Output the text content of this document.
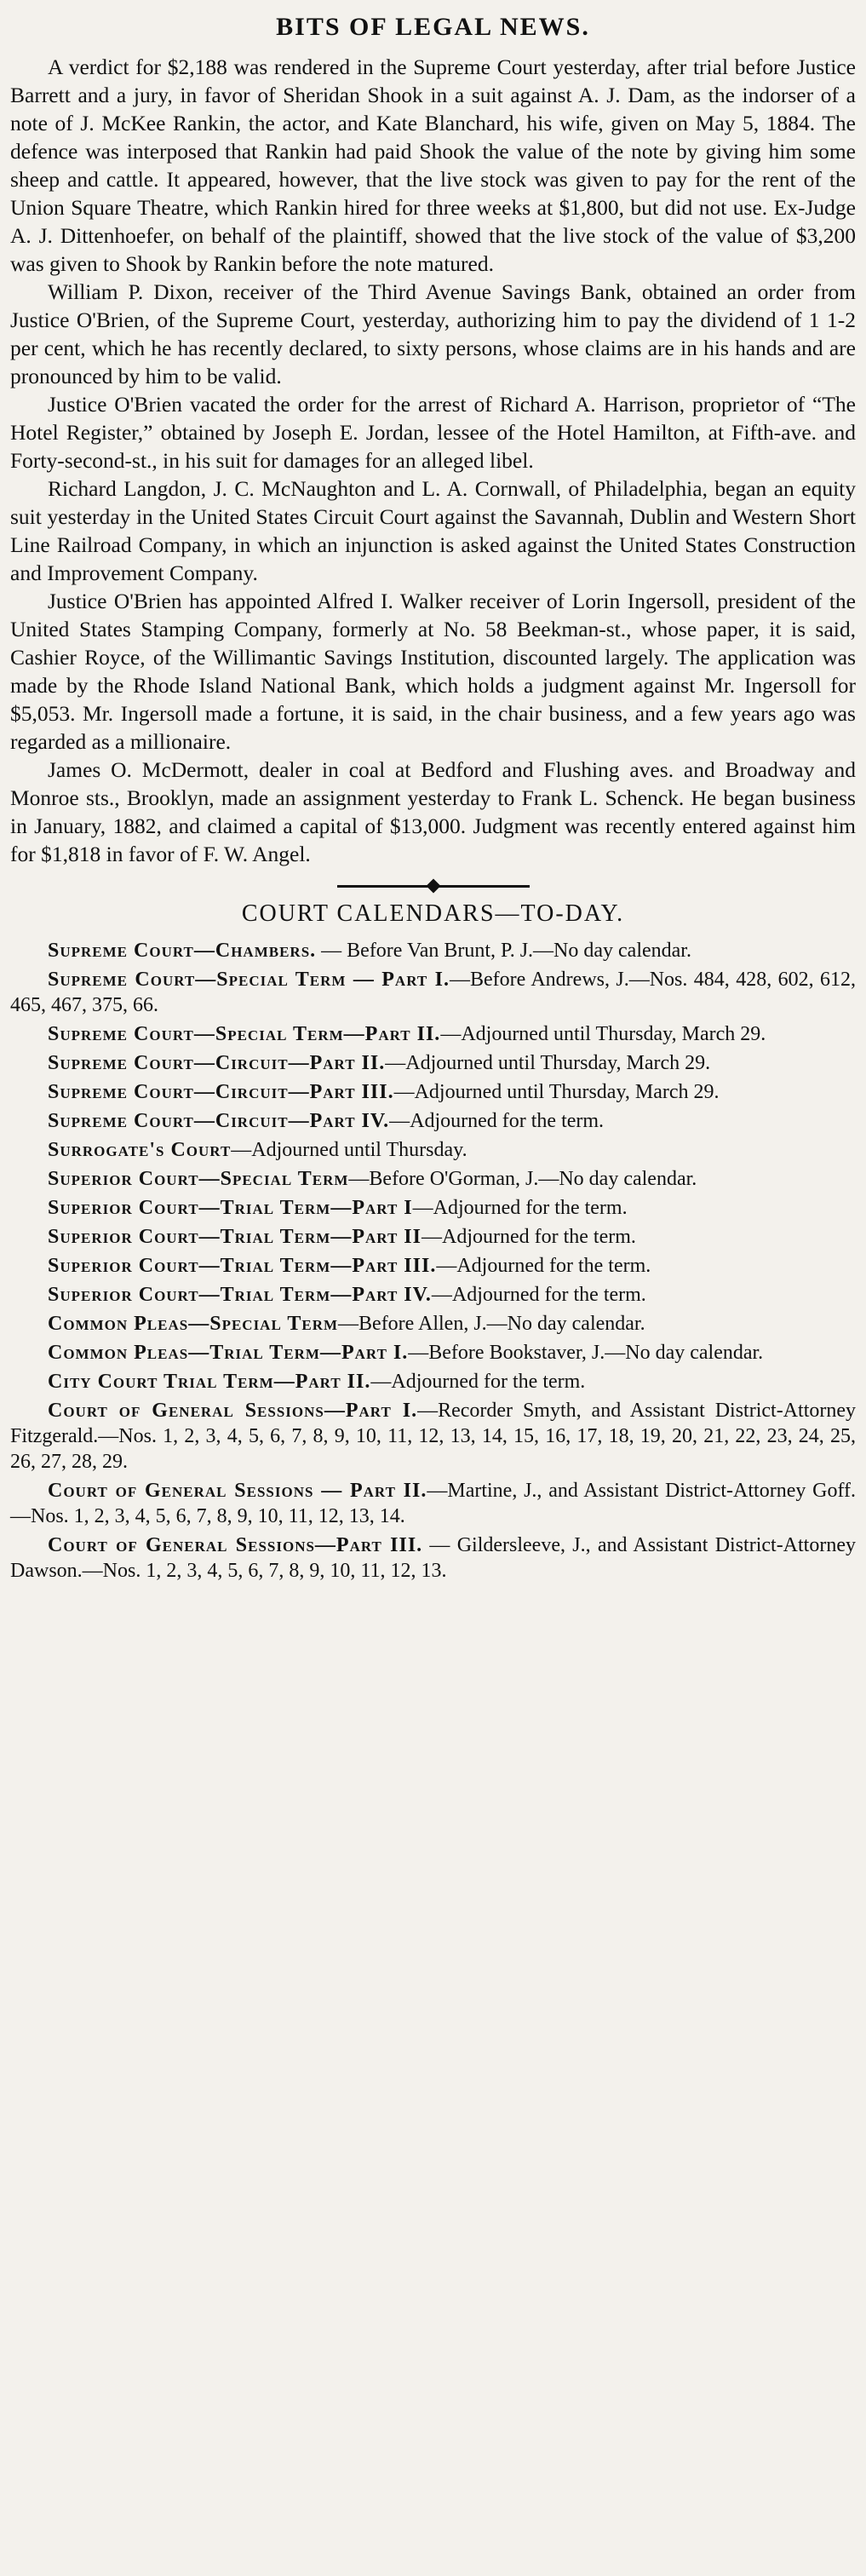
BITS OF LEGAL NEWS.

A verdict for $2,188 was rendered in the Supreme Court yesterday, after trial before Justice Barrett and a jury, in favor of Sheridan Shook in a suit against A. J. Dam, as the indorser of a note of J. McKee Rankin, the actor, and Kate Blanchard, his wife, given on May 5, 1884. The defence was interposed that Rankin had paid Shook the value of the note by giving him some sheep and cattle. It appeared, however, that the live stock was given to pay for the rent of the Union Square Theatre, which Rankin hired for three weeks at $1,800, but did not use. Ex-Judge A. J. Dittenhoefer, on behalf of the plaintiff, showed that the live stock of the value of $3,200 was given to Shook by Rankin before the note matured.

William P. Dixon, receiver of the Third Avenue Savings Bank, obtained an order from Justice O'Brien, of the Supreme Court, yesterday, authorizing him to pay the dividend of 1 1-2 per cent, which he has recently declared, to sixty persons, whose claims are in his hands and are pronounced by him to be valid.

Justice O'Brien vacated the order for the arrest of Richard A. Harrison, proprietor of “The Hotel Register,” obtained by Joseph E. Jordan, lessee of the Hotel Hamilton, at Fifth-ave. and Forty-second-st., in his suit for damages for an alleged libel.

Richard Langdon, J. C. McNaughton and L. A. Cornwall, of Philadelphia, began an equity suit yesterday in the United States Circuit Court against the Savannah, Dublin and Western Short Line Railroad Company, in which an injunction is asked against the United States Construction and Improvement Company.

Justice O'Brien has appointed Alfred I. Walker receiver of Lorin Ingersoll, president of the United States Stamping Company, formerly at No. 58 Beekman-st., whose paper, it is said, Cashier Royce, of the Willimantic Savings Institution, discounted largely. The application was made by the Rhode Island National Bank, which holds a judgment against Mr. Ingersoll for $5,053. Mr. Ingersoll made a fortune, it is said, in the chair business, and a few years ago was regarded as a millionaire.

James O. McDermott, dealer in coal at Bedford and Flushing aves. and Broadway and Monroe sts., Brooklyn, made an assignment yesterday to Frank L. Schenck. He began business in January, 1882, and claimed a capital of $13,000. Judgment was recently entered against him for $1,818 in favor of F. W. Angel.

COURT CALENDARS—TO-DAY.

Supreme Court—Chambers. — Before Van Brunt, P. J.—No day calendar.

Supreme Court—Special Term — Part I.—Before Andrews, J.—Nos. 484, 428, 602, 612, 465, 467, 375, 66.

Supreme Court—Special Term—Part II.—Adjourned until Thursday, March 29.

Supreme Court—Circuit—Part II.—Adjourned until Thursday, March 29.

Supreme Court—Circuit—Part III.—Adjourned until Thursday, March 29.

Supreme Court—Circuit—Part IV.—Adjourned for the term.

Surrogate's Court—Adjourned until Thursday.

Superior Court—Special Term—Before O'Gorman, J.—No day calendar.

Superior Court—Trial Term—Part I—Adjourned for the term.

Superior Court—Trial Term—Part II—Adjourned for the term.

Superior Court—Trial Term—Part III.—Adjourned for the term.

Superior Court—Trial Term—Part IV.—Adjourned for the term.

Common Pleas—Special Term—Before Allen, J.—No day calendar.

Common Pleas—Trial Term—Part I.—Before Bookstaver, J.—No day calendar.

City Court Trial Term—Part II.—Adjourned for the term.

Court of General Sessions—Part I.—Recorder Smyth, and Assistant District-Attorney Fitzgerald.—Nos. 1, 2, 3, 4, 5, 6, 7, 8, 9, 10, 11, 12, 13, 14, 15, 16, 17, 18, 19, 20, 21, 22, 23, 24, 25, 26, 27, 28, 29.

Court of General Sessions — Part II.—Martine, J., and Assistant District-Attorney Goff.—Nos. 1, 2, 3, 4, 5, 6, 7, 8, 9, 10, 11, 12, 13, 14.

Court of General Sessions—Part III. — Gildersleeve, J., and Assistant District-Attorney Dawson.—Nos. 1, 2, 3, 4, 5, 6, 7, 8, 9, 10, 11, 12, 13.
